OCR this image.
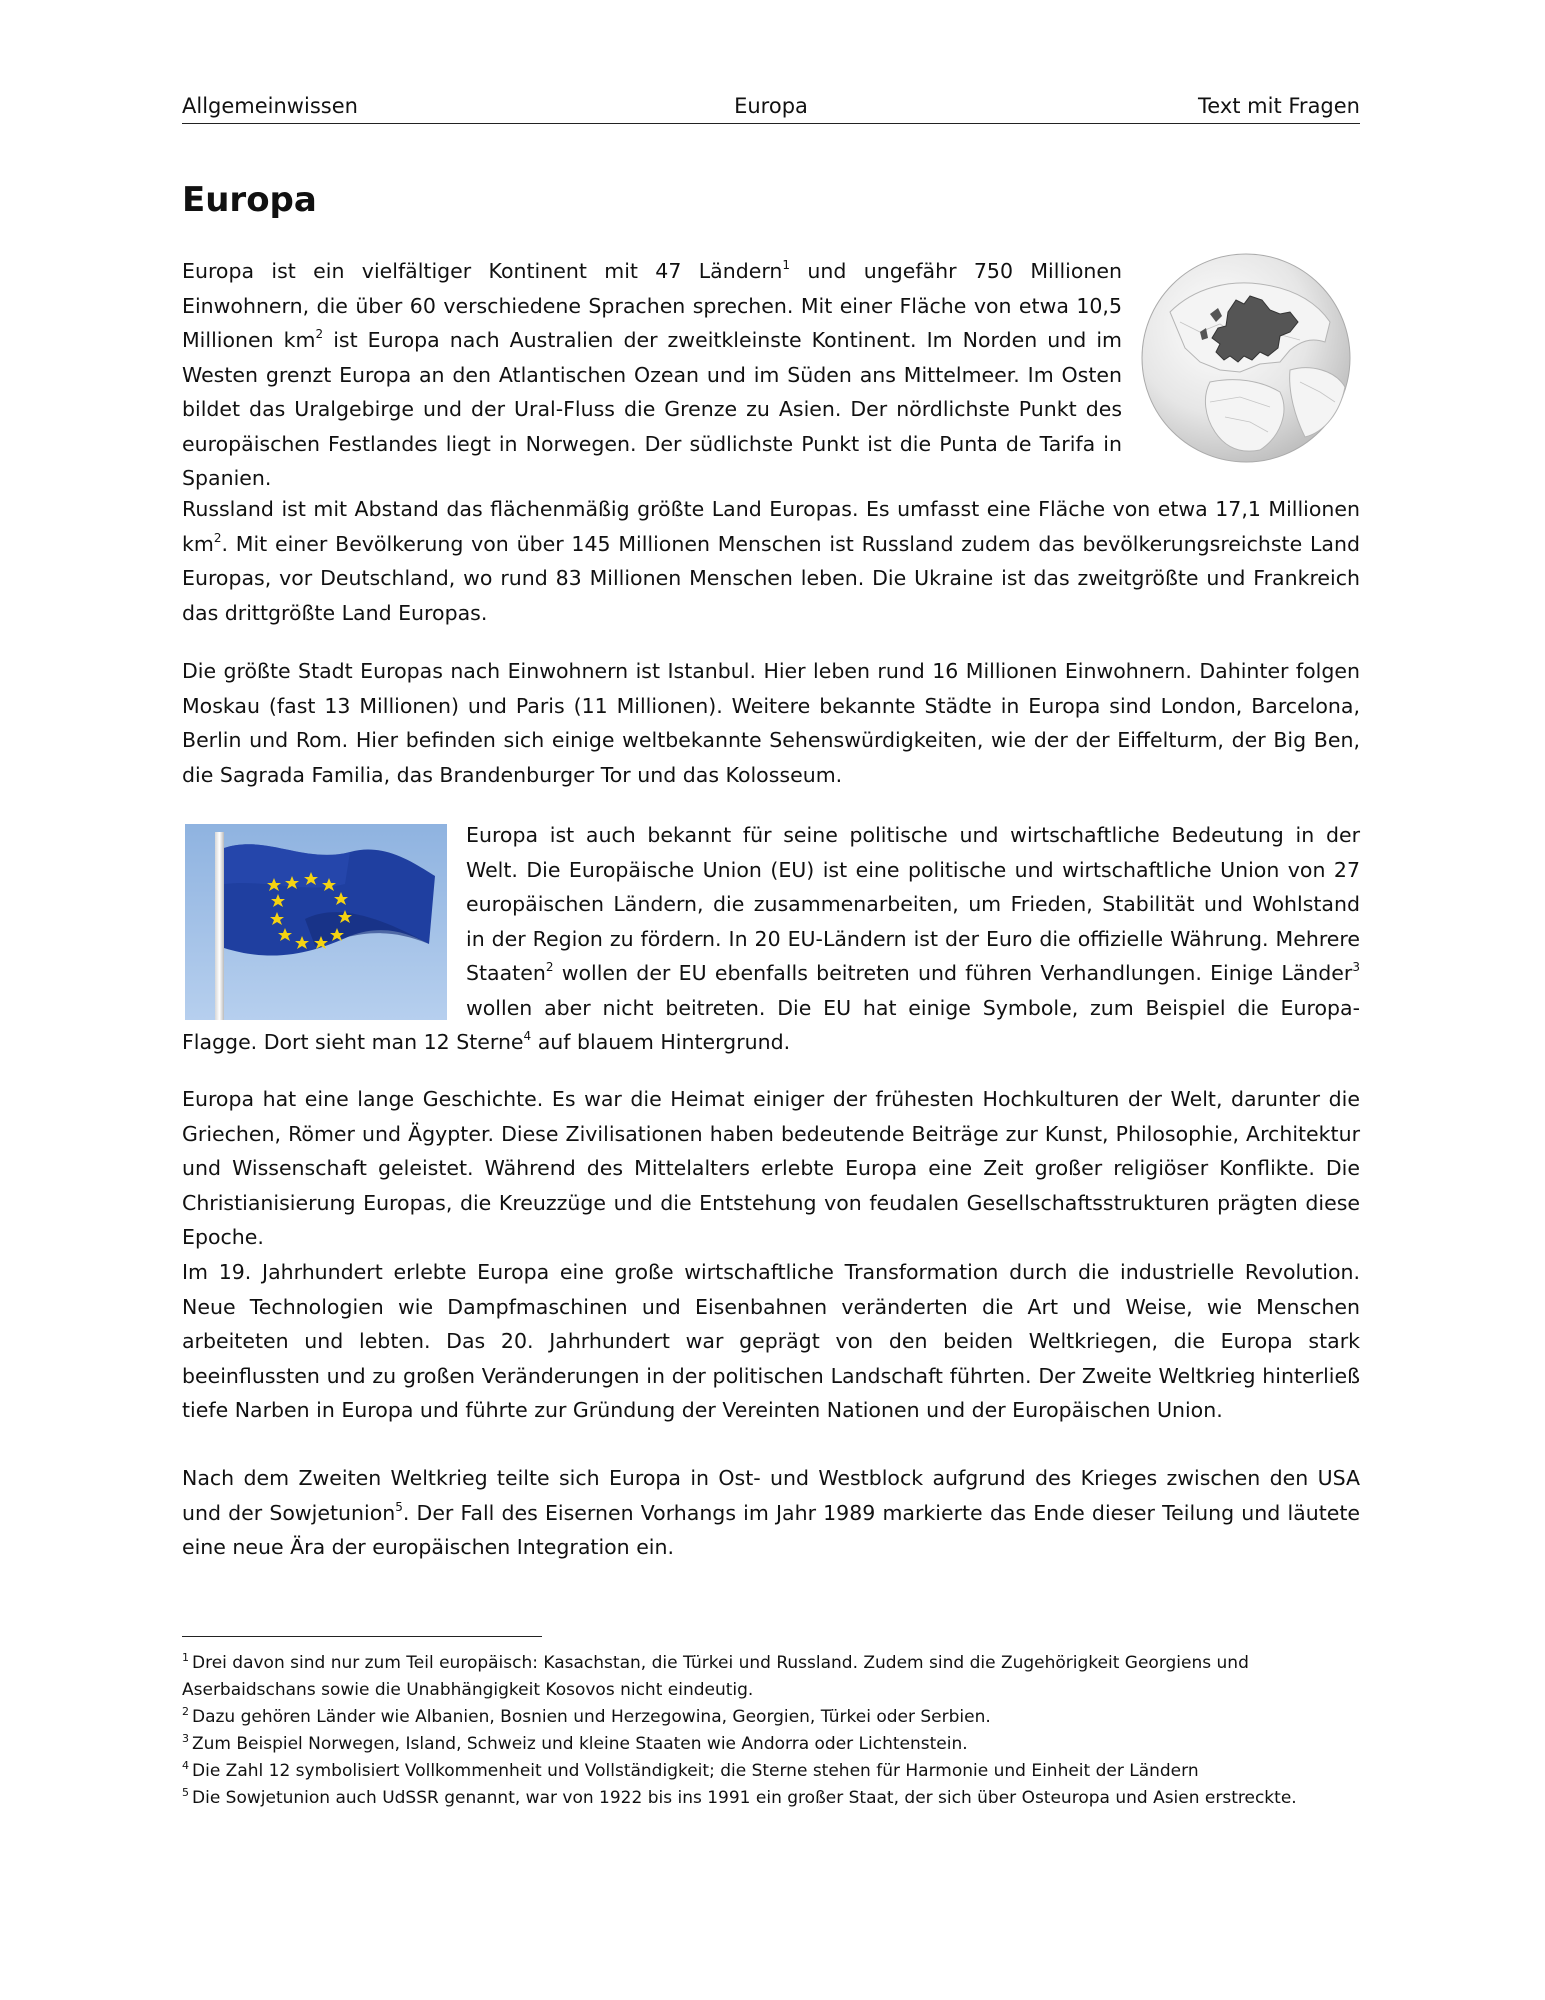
Allgemeinwissen	Europa	Text mit Fragen
Europa

Europa ist ein vielfältiger Kontinent mit 47 Ländern$^1$ und ungefähr 750 Millionen Einwohnern, die über 60 verschiedene Sprachen sprechen. Mit einer Fläche von etwa 10,5 Millionen $km^2$ ist Europa nach Australien der zweitkleinste Kontinent. Im Norden und im Westen grenzt Europa an den Atlantischen Ozean und im Süden ans Mittelmeer. Im Osten bildet das Uralgebirge und der Ural-Fluss die Grenze zu Asien. Der nördlichste Punkt des europäischen Festlandes liegt in Norwegen. Der südlichste Punkt ist die Punta de Tarifa in Spanien.

Russland ist mit Abstand das flächenmäßig größte Land Europas. Es umfasst eine Fläche von etwa 17,1 Millionen $km^2$. Mit einer Bevölkerung von über 145 Millionen Menschen ist Russland zudem das bevölkerungsreichste Land Europas, vor Deutschland, wo rund 83 Millionen Menschen leben. Die Ukraine ist das zweitgrößte und Frankreich das drittgrößte Land Europas.

Die größte Stadt Europas nach Einwohnern ist Istanbul. Hier leben rund 16 Millionen Einwohnern. Dahinter folgen Moskau (fast 13 Millionen) und Paris (11 Millionen). Weitere bekannte Städte in Europa sind London, Barcelona, Berlin und Rom. Hier befinden sich einige weltbekannte Sehenswürdigkeiten, wie der der Eiffelturm, der Big Ben, die Sagrada Familia, das Brandenburger Tor und das Kolosseum.

Europa ist auch bekannt für seine politische und wirtschaftliche Bedeutung in der Welt. Die Europäische Union (EU) ist eine politische und wirtschaftliche Union von 27 europäischen Ländern, die zusammenarbeiten, um Frieden, Stabilität und Wohlstand in der Region zu fördern. In 20 EU-Ländern ist der Euro die offizielle Währung. Mehrere Staaten$^2$ wollen der EU ebenfalls beitreten und führen Verhandlungen. Einige Länder$^3$ wollen aber nicht beitreten. Die EU hat einige Symbole, zum Beispiel die Europa-Flagge. Dort sieht man 12 Sterne$^4$ auf blauem Hintergrund.

Europa hat eine lange Geschichte. Es war die Heimat einiger der frühesten Hochkulturen der Welt, darunter die Griechen, Römer und Ägypter. Diese Zivilisationen haben bedeutende Beiträge zur Kunst, Philosophie, Architektur und Wissenschaft geleistet. Während des Mittelalters erlebte Europa eine Zeit großer religiöser Konflikte. Die Christianisierung Europas, die Kreuzzüge und die Entstehung von feudalen Gesellschaftsstrukturen prägten diese Epoche.

Im 19. Jahrhundert erlebte Europa eine große wirtschaftliche Transformation durch die industrielle Revolution. Neue Technologien wie Dampfmaschinen und Eisenbahnen veränderten die Art und Weise, wie Menschen arbeiteten und lebten. Das 20. Jahrhundert war geprägt von den beiden Weltkriegen, die Europa stark beeinflussten und zu großen Veränderungen in der politischen Landschaft führten. Der Zweite Weltkrieg hinterließ tiefe Narben in Europa und führte zur Gründung der Vereinten Nationen und der Europäischen Union.

Nach dem Zweiten Weltkrieg teilte sich Europa in Ost- und Westblock aufgrund des Krieges zwischen den USA und der Sowjetunion$^5$. Der Fall des Eisernen Vorhangs im Jahr 1989 markierte das Ende dieser Teilung und läutete eine neue Ära der europäischen Integration ein.

$^1$ Drei davon sind nur zum Teil europäisch: Kasachstan, die Türkei und Russland. Zudem sind die Zugehörigkeit Georgiens und Aserbaidschans sowie die Unabhängigkeit Kosovos nicht eindeutig.
$^2$ Dazu gehören Länder wie Albanien, Bosnien und Herzegowina, Georgien, Türkei oder Serbien.
$^3$ Zum Beispiel Norwegen, Island, Schweiz und kleine Staaten wie Andorra oder Lichtenstein.
$^4$ Die Zahl 12 symbolisiert Vollkommenheit und Vollständigkeit; die Sterne stehen für Harmonie und Einheit der Ländern
$^5$ Die Sowjetunion auch UdSSR genannt, war von 1922 bis ins 1991 ein großer Staat, der sich über Osteuropa und Asien erstreckte.
